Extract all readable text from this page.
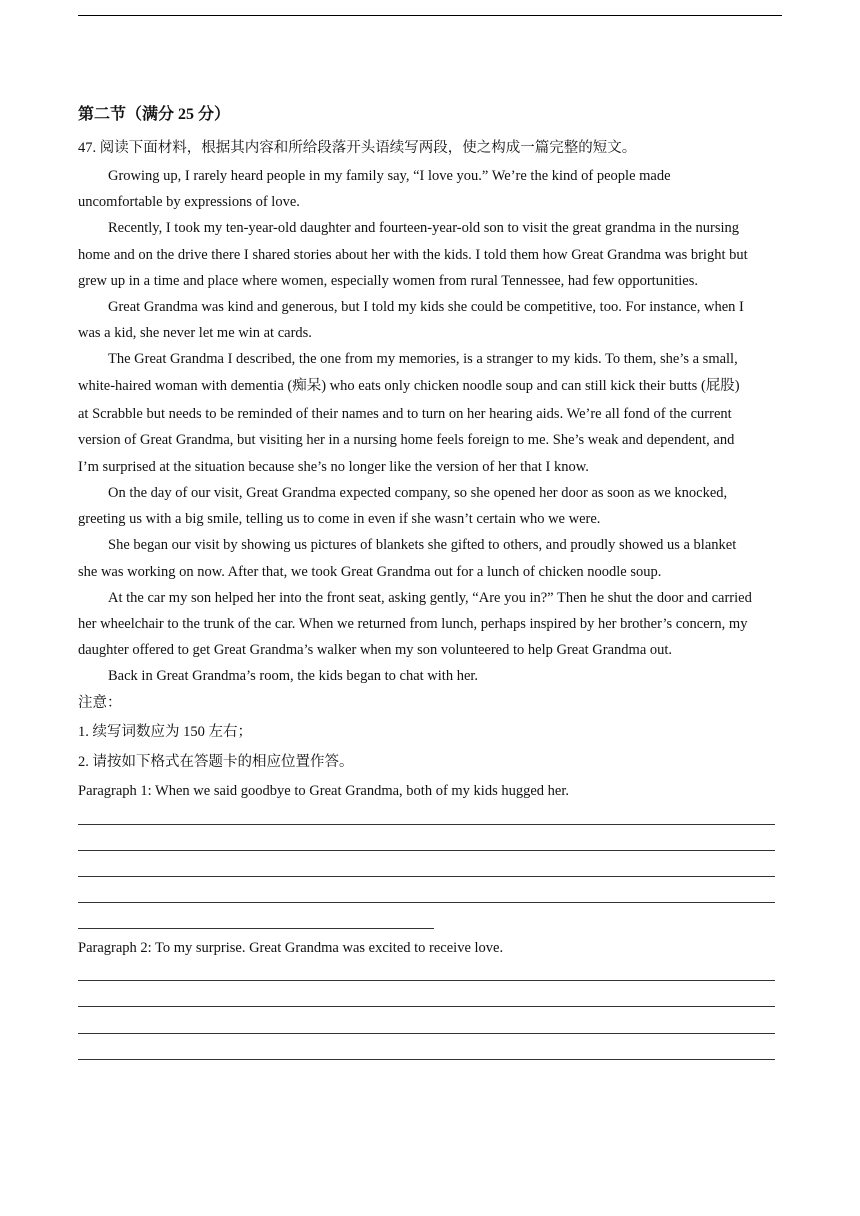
第二节（满分 25 分）
47. 阅读下面材料，根据其内容和所给段落开头语续写两段，使之构成一篇完整的短文。
Growing up, I rarely heard people in my family say, “I love you.” We’re the kind of people made
uncomfortable by expressions of love.
Recently, I took my ten-year-old daughter and fourteen-year-old son to visit the great grandma in the nursing
home and on the drive there I shared stories about her with the kids. I told them how Great Grandma was bright but
grew up in a time and place where women, especially women from rural Tennessee, had few opportunities.
Great Grandma was kind and generous, but I told my kids she could be competitive, too. For instance, when I
was a kid, she never let me win at cards.
The Great Grandma I described, the one from my memories, is a stranger to my kids. To them, she’s a small,
white-haired woman with dementia (痴呆) who eats only chicken noodle soup and can still kick their butts (屁股)
at Scrabble but needs to be reminded of their names and to turn on her hearing aids. We’re all fond of the current
version of Great Grandma, but visiting her in a nursing home feels foreign to me. She’s weak and dependent, and
I’m surprised at the situation because she’s no longer like the version of her that I know.
On the day of our visit, Great Grandma expected company, so she opened her door as soon as we knocked,
greeting us with a big smile, telling us to come in even if she wasn’t certain who we were.
She began our visit by showing us pictures of blankets she gifted to others, and proudly showed us a blanket
she was working on now. After that, we took Great Grandma out for a lunch of chicken noodle soup.
At the car my son helped her into the front seat, asking gently, “Are you in?” Then he shut the door and carried
her wheelchair to the trunk of the car. When we returned from lunch, perhaps inspired by her brother’s concern, my
daughter offered to get Great Grandma’s walker when my son volunteered to help Great Grandma out.
Back in Great Grandma’s room, the kids began to chat with her.
注意：
1. 续写词数应为 150 左右；
2. 请按如下格式在答题卡的相应位置作答。
Paragraph 1: When we said goodbye to Great Grandma, both of my kids hugged her.
Paragraph 2: To my surprise. Great Grandma was excited to receive love.
